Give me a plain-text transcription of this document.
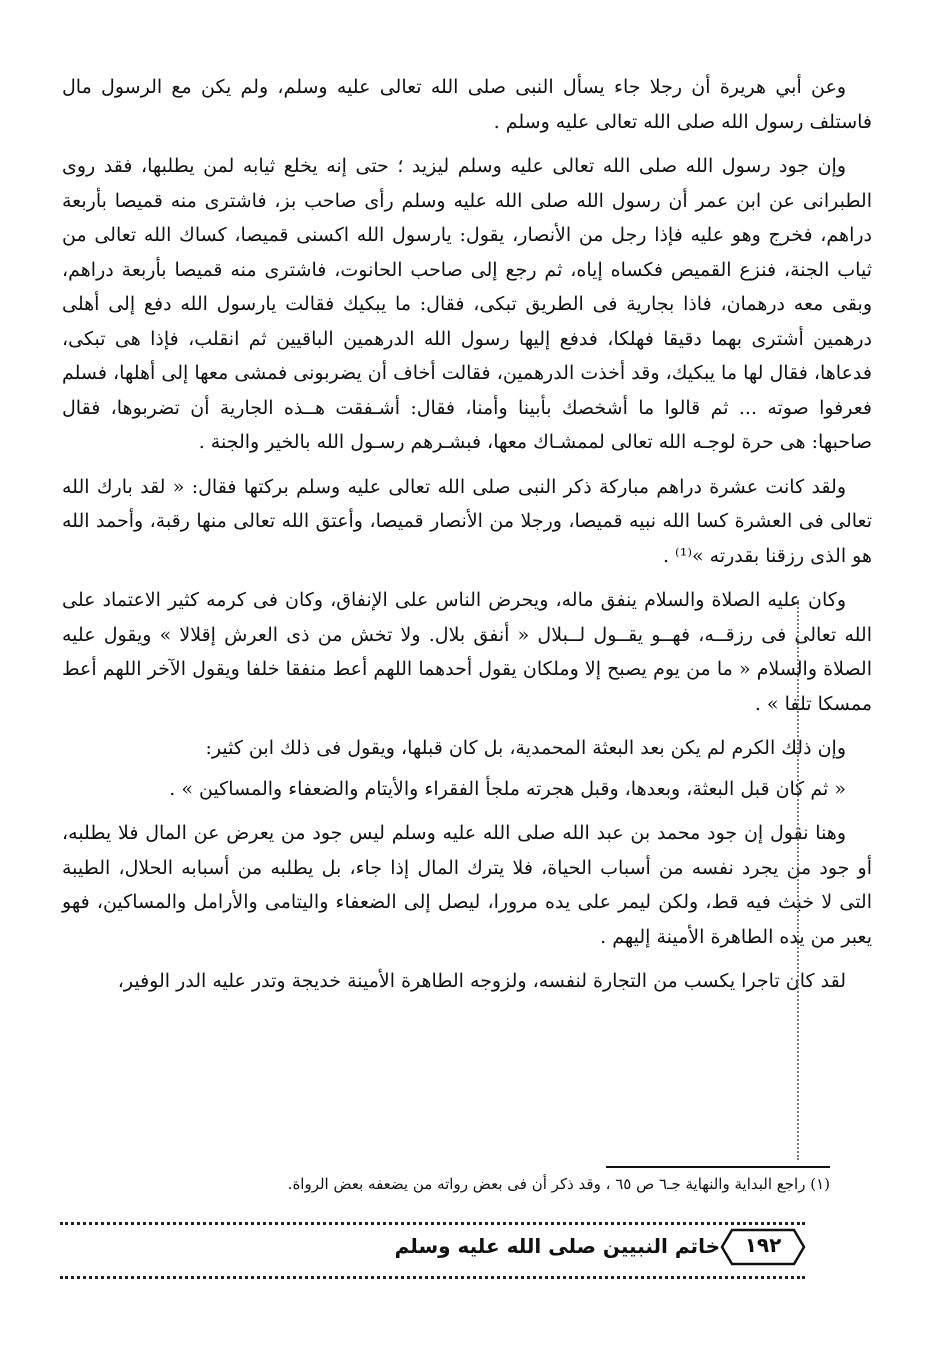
وعن أبي هريرة أن رجلا جاء يسأل النبى صلى الله تعالى عليه وسلم، ولم يكن مع الرسول مال فاستلف رسول الله صلى الله تعالى عليه وسلم .

وإن جود رسول الله صلى الله تعالى عليه وسلم ليزيد ؛ حتى إنه يخلع ثيابه لمن يطلبها، فقد روى الطبرانى عن ابن عمر أن رسول الله صلى الله عليه وسلم رأى صاحب بز، فاشترى منه قميصا بأربعة دراهم، فخرج وهو عليه فإذا رجل من الأنصار، يقول: يارسول الله اكسنى قميصا، كساك الله تعالى من ثياب الجنة، فنزع القميص فكساه إياه، ثم رجع إلى صاحب الحانوت، فاشترى منه قميصا بأربعة دراهم، وبقى معه درهمان، فاذا بجارية فى الطريق تبكى، فقال: ما يبكيك فقالت يارسول الله دفع إلى أهلى درهمين أشترى بهما دقيقا فهلكا، فدفع إليها رسول الله الدرهمين الباقيين ثم انقلب، فإذا هى تبكى، فدعاها، فقال لها ما يبكيك، وقد أخذت الدرهمين، فقالت أخاف أن يضربونى فمشى معها إلى أهلها، فسلم فعرفوا صوته ... ثم قالوا ما أشخصك بأبينا وأمنا، فقال: أشـفقت هــذه الجارية أن تضربوها، فقال صاحبها: هى حرة لوجـه الله تعالى لممشـاك معها، فبشـرهم رسـول الله بالخير والجنة .

ولقد كانت عشرة دراهم مباركة ذكر النبى صلى الله تعالى عليه وسلم بركتها فقال: « لقد بارك الله تعالى فى العشرة كسا الله نبيه قميصا، ورجلا من الأنصار قميصا، وأعتق الله تعالى منها رقبة، وأحمد الله هو الذى رزقنا بقدرته »⁽¹⁾ .

وكان عليه الصلاة والسلام ينفق ماله، ويحرض الناس على الإنفاق، وكان فى كرمه كثير الاعتماد على الله تعالى فى رزقــه، فهــو يقــول لــبلال « أنفق بلال. ولا تخش من ذى العرش إقلالا » ويقول عليه الصلاة والسلام « ما من يوم يصبح إلا وملكان يقول أحدهما اللهم أعط منفقا خلفا ويقول الآخر اللهم أعط ممسكا تلفا » .

وإن ذلك الكرم لم يكن بعد البعثة المحمدية، بل كان قبلها، ويقول فى ذلك ابن كثير:

« ثم كان قبل البعثة، وبعدها، وقبل هجرته ملجأ الفقراء والأيتام والضعفاء والمساكين » .

وهنا نقول إن جود محمد بن عبد الله صلى الله عليه وسلم ليس جود من يعرض عن المال فلا يطلبه، أو جود من يجرد نفسه من أسباب الحياة، فلا يترك المال إذا جاء، بل يطلبه من أسبابه الحلال، الطيبة التى لا خبث فيه قط، ولكن ليمر على يده مرورا، ليصل إلى الضعفاء واليتامى والأرامل والمساكين، فهو يعبر من يده الطاهرة الأمينة إليهم .

لقد كان تاجرا يكسب من التجارة لنفسه، ولزوجه الطاهرة الأمينة خديجة وتدر عليه الدر الوفير،

(١) راجع البداية والنهاية جـ٦ ص ٦٥ ، وقد ذكر أن فى بعض رواته من يضعفه بعض الرواة.
خاتم النبيين صلى الله عليه وسلم	١٩٢
